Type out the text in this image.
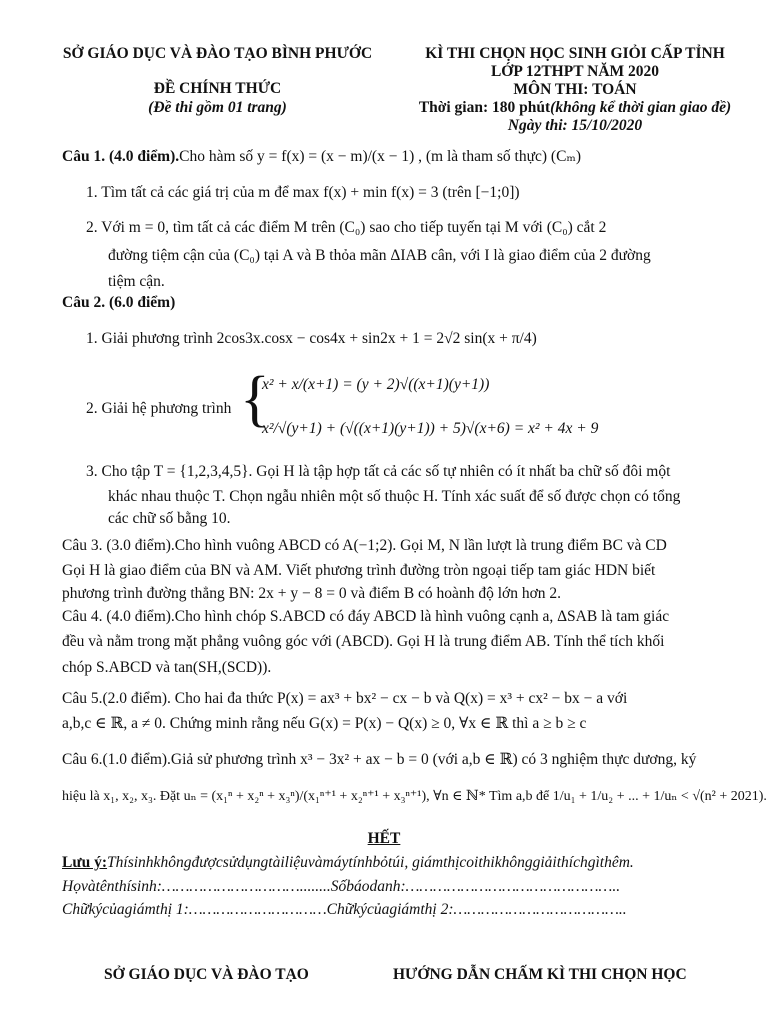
SỞ GIÁO DỤC VÀ ĐÀO TẠO BÌNH PHƯỚC
ĐỀ CHÍNH THỨC
(Đề thi gồm 01 trang)
KÌ THI CHỌN HỌC SINH GIỎI CẤP TỈNH
LỚP 12THPT NĂM 2020
MÔN THI: TOÁN
Thời gian: 180 phút(không kể thời gian giao đề)
Ngày thi: 15/10/2020
Câu 1. (4.0 điểm).Cho hàm số y = f(x) = (x − m)/(x − 1) , (m là tham số thực) (Cₘ)
1. Tìm tất cả các giá trị của m để max f(x) + min f(x) = 3 (trên [−1;0])
2. Với m = 0, tìm tất cả các điểm M trên (C₀) sao cho tiếp tuyến tại M với (C₀) cắt 2
đường tiệm cận của (C₀) tại A và B thỏa mãn ΔIAB cân, với I là giao điểm của 2 đường
tiệm cận.
Câu 2. (6.0 điểm)
1. Giải phương trình 2cos3x.cosx − cos4x + sin2x + 1 = 2√2 sin(x + π/4)
2. Giải hệ phương trình {
x² + x/(x+1) = (y + 2)√((x+1)(y+1))
x²/√(y+1) + (√((x+1)(y+1)) + 5)√(x+6) = x² + 4x + 9
3. Cho tập T = {1,2,3,4,5}. Gọi H là tập hợp tất cả các số tự nhiên có ít nhất ba chữ số đôi một
khác nhau thuộc T. Chọn ngẫu nhiên một số thuộc H. Tính xác suất để số được chọn có tổng
các chữ số bằng 10.
Câu 3. (3.0 điểm).Cho hình vuông ABCD có A(−1;2). Gọi M, N lần lượt là trung điểm BC và CD
Gọi H là giao điểm của BN và AM. Viết phương trình đường tròn ngoại tiếp tam giác HDN biết
phương trình đường thẳng BN: 2x + y − 8 = 0 và điểm B có hoành độ lớn hơn 2.
Câu 4. (4.0 điểm).Cho hình chóp S.ABCD có đáy ABCD là hình vuông cạnh a, ΔSAB là tam giác
đều và nằm trong mặt phẳng vuông góc với (ABCD). Gọi H là trung điểm AB. Tính thể tích khối
chóp S.ABCD và tan(SH,(SCD)).
Câu 5.(2.0 điểm). Cho hai đa thức P(x) = ax³ + bx² − cx − b và Q(x) = x³ + cx² − bx − a với
a,b,c ∈ ℝ, a ≠ 0. Chứng minh rằng nếu G(x) = P(x) − Q(x) ≥ 0, ∀x ∈ ℝ thì a ≥ b ≥ c
Câu 6.(1.0 điểm).Giả sử phương trình x³ − 3x² + ax − b = 0 (với a,b ∈ ℝ) có 3 nghiệm thực dương, ký
hiệu là x₁, x₂, x₃. Đặt uₙ = (x₁ⁿ + x₂ⁿ + x₃ⁿ)/(x₁ⁿ⁺¹ + x₂ⁿ⁺¹ + x₃ⁿ⁺¹), ∀n ∈ ℕ* Tìm a,b để 1/u₁ + 1/u₂ + ... + 1/uₙ < √(n² + 2021).
HẾT
Lưu ý:Thísinhkhôngđượcsửdụngtàiliệuvàmáytínhbỏtúi, giámthịcoithikhônggiảithíchgìthêm.
Họvàtênthísinh:…………………………........Sốbáodanh:………………………………………..
Chữkýcủagiámthị 1:…………………………Chữkýcủagiámthị 2:………………………………..
SỞ GIÁO DỤC VÀ ĐÀO TẠO	HƯỚNG DẪN CHẤM KÌ THI CHỌN HỌC
